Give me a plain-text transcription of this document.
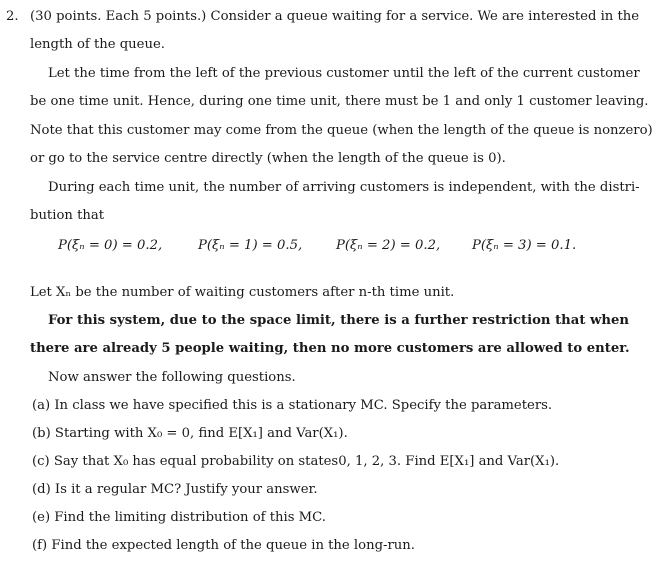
2. (30 points. Each 5 points.) Consider a queue waiting for a service. We are interested in the
length of the queue.
Let the time from the left of the previous customer until the left of the current customer
be one time unit. Hence, during one time unit, there must be 1 and only 1 customer leaving.
Note that this customer may come from the queue (when the length of the queue is nonzero)
or go to the service centre directly (when the length of the queue is 0).
During each time unit, the number of arriving customers is independent, with the distri-
bution that
P(ξₙ = 0) = 0.2,	P(ξₙ = 1) = 0.5,	P(ξₙ = 2) = 0.2, P(ξₙ = 3) = 0.1.
Let Xₙ be the number of waiting customers after n-th time unit.
For this system, due to the space limit, there is a further restriction that when
there are already 5 people waiting, then no more customers are allowed to enter.
Now answer the following questions.
(a) In class we have specified this is a stationary MC. Specify the parameters.
(b) Starting with X₀ = 0, find E[X₁] and Var(X₁).
(c) Say that X₀ has equal probability on states0, 1, 2, 3. Find E[X₁] and Var(X₁).
(d) Is it a regular MC? Justify your answer.
(e) Find the limiting distribution of this MC.
(f) Find the expected length of the queue in the long-run.
